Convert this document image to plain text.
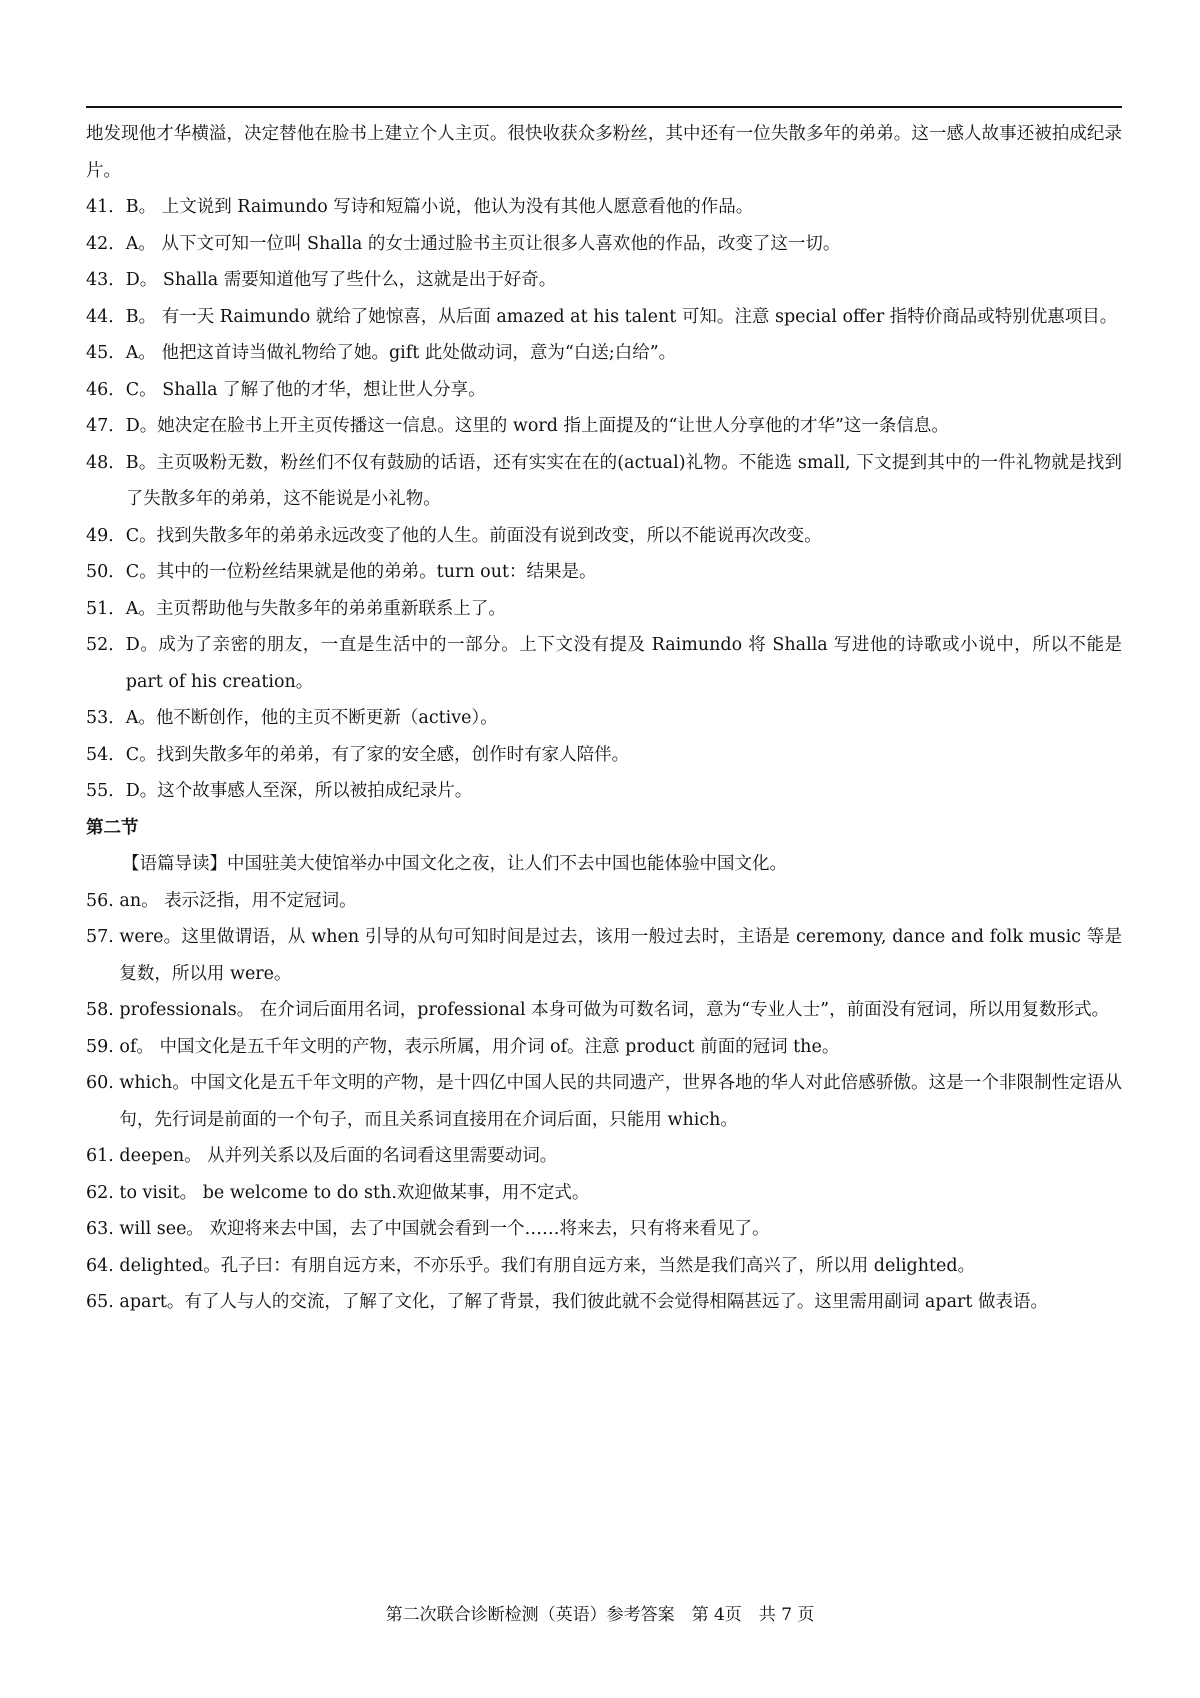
地发现他才华横溢，决定替他在脸书上建立个人主页。很快收获众多粉丝，其中还有一位失散多年的弟弟。这一感人故事还被拍成纪录片。

41． B。 上文说到 Raimundo 写诗和短篇小说，他认为没有其他人愿意看他的作品。
42． A。 从下文可知一位叫 Shalla 的女士通过脸书主页让很多人喜欢他的作品，改变了这一切。
43． D。 Shalla 需要知道他写了些什么，这就是出于好奇。
44． B。 有一天 Raimundo 就给了她惊喜，从后面 amazed at his talent 可知。注意 special offer 指特价商品或特别优惠项目。
45． A。 他把这首诗当做礼物给了她。gift 此处做动词，意为“白送;白给”。
46． C。 Shalla 了解了他的才华，想让世人分享。
47． D。她决定在脸书上开主页传播这一信息。这里的 word 指上面提及的“让世人分享他的才华”这一条信息。
48． B。主页吸粉无数，粉丝们不仅有鼓励的话语，还有实实在在的(actual)礼物。不能选 small, 下文提到其中的一件礼物就是找到了失散多年的弟弟，这不能说是小礼物。
49． C。找到失散多年的弟弟永远改变了他的人生。前面没有说到改变，所以不能说再次改变。
50． C。其中的一位粉丝结果就是他的弟弟。turn out：结果是。
51． A。主页帮助他与失散多年的弟弟重新联系上了。
52． D。成为了亲密的朋友，一直是生活中的一部分。上下文没有提及 Raimundo 将 Shalla 写进他的诗歌或小说中，所以不能是 part of his creation。
53． A。他不断创作，他的主页不断更新（active）。
54． C。找到失散多年的弟弟，有了家的安全感，创作时有家人陪伴。
55． D。这个故事感人至深，所以被拍成纪录片。

第二节

【语篇导读】中国驻美大使馆举办中国文化之夜，让人们不去中国也能体验中国文化。

56. an。 表示泛指，用不定冠词。
57. were。这里做谓语，从 when 引导的从句可知时间是过去，该用一般过去时，主语是 ceremony, dance and folk music 等是复数，所以用 were。
58. professionals。 在介词后面用名词，professional 本身可做为可数名词，意为“专业人士”，前面没有冠词，所以用复数形式。
59. of。 中国文化是五千年文明的产物，表示所属，用介词 of。注意 product 前面的冠词 the。
60. which。中国文化是五千年文明的产物，是十四亿中国人民的共同遗产，世界各地的华人对此倍感骄傲。这是一个非限制性定语从句，先行词是前面的一个句子，而且关系词直接用在介词后面，只能用 which。
61. deepen。 从并列关系以及后面的名词看这里需要动词。
62. to visit。 be welcome to do sth.欢迎做某事，用不定式。
63. will see。 欢迎将来去中国，去了中国就会看到一个……将来去，只有将来看见了。
64. delighted。孔子曰：有朋自远方来，不亦乐乎。我们有朋自远方来，当然是我们高兴了，所以用 delighted。
65. apart。有了人与人的交流，了解了文化，了解了背景，我们彼此就不会觉得相隔甚远了。这里需用副词 apart 做表语。
第二次联合诊断检测（英语）参考答案　第 4页　共 7 页
